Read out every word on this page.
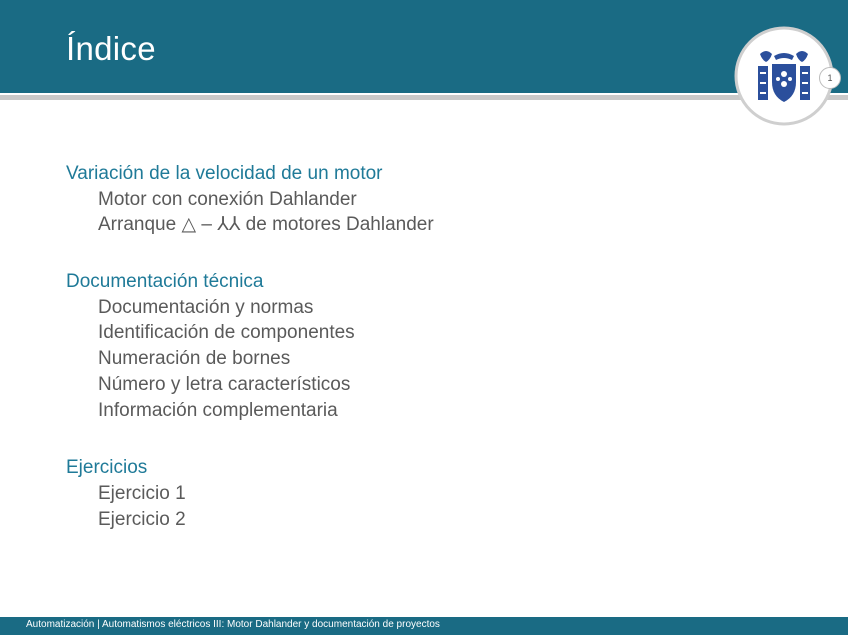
Índice
1
Variación de la velocidad de un motor
Motor con conexión Dahlander
Arranque △ – ⅄⅄ de motores Dahlander
Documentación técnica
Documentación y normas
Identificación de componentes
Numeración de bornes
Número y letra característicos
Información complementaria
Ejercicios
Ejercicio 1
Ejercicio 2
Automatización | Automatismos eléctricos III: Motor Dahlander y documentación de proyectos
